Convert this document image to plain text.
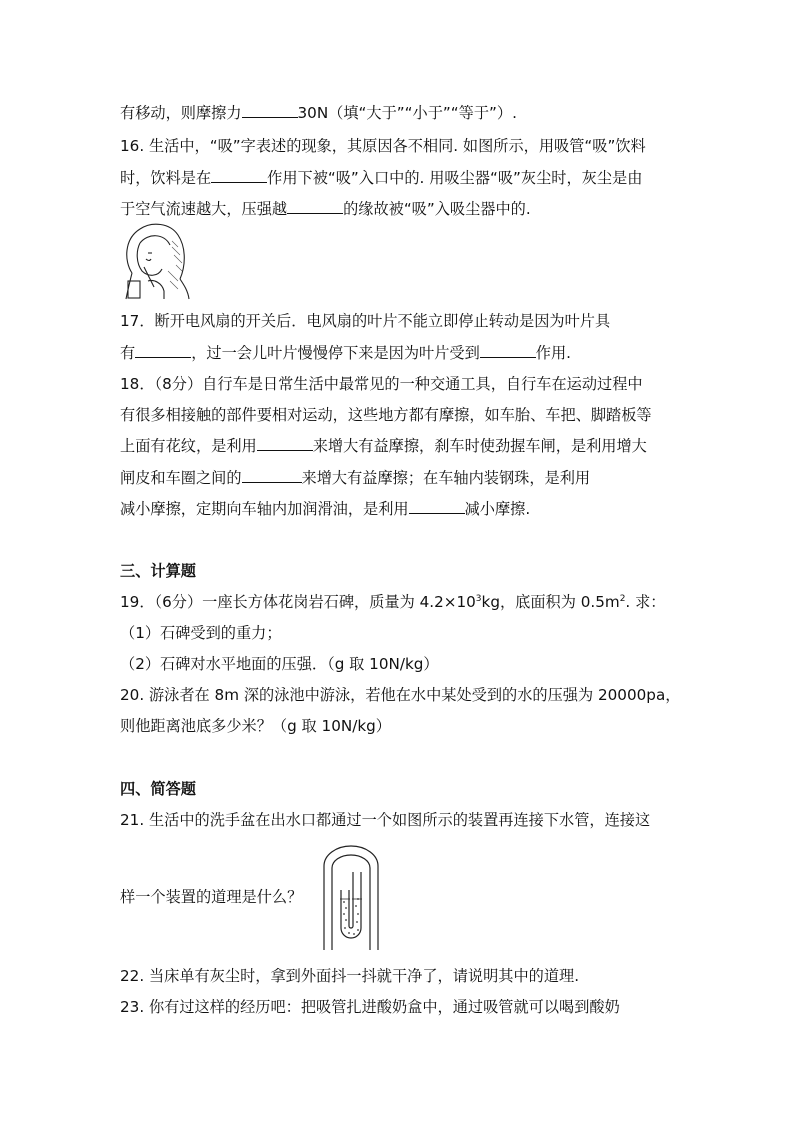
有移动，则摩擦力	30N（填“大于”“小于”“等于”）.
16. 生活中，“吸”字表述的现象，其原因各不相同. 如图所示，用吸管“吸”饮料
时，饮料是在	作用下被“吸”入口中的. 用吸尘器“吸”灰尘时，灰尘是由
于空气流速越大，压强越	的缘故被“吸”入吸尘器中的.
17．断开电风扇的开关后．电风扇的叶片不能立即停止转动是因为叶片具
有	，过一会儿叶片慢慢停下来是因为叶片受到	作用.
18．（8分）自行车是日常生活中最常见的一种交通工具，自行车在运动过程中
有很多相接触的部件要相对运动，这些地方都有摩擦，如车胎、车把、脚踏板等
上面有花纹，是利用	来增大有益摩擦，刹车时使劲握车闸，是利用增大
闸皮和车圈之间的	来增大有益摩擦；在车轴内装钢珠，是利用
减小摩擦，定期向车轴内加润滑油，是利用	减小摩擦.
三、计算题
19．（6分）一座长方体花岗岩石碑，质量为 $4.2\times 10^3kg$，底面积为 $0.5m^2$. 求：
（1）石碑受到的重力；
（2）石碑对水平地面的压强．（g 取 10N/kg）
20. 游泳者在 8m 深的泳池中游泳，若他在水中某处受到的水的压强为 20000pa，
则他距离池底多少米？（g 取 10N/kg）
四、简答题
21. 生活中的洗手盆在出水口都通过一个如图所示的装置再连接下水管，连接这
样一个装置的道理是什么？
22. 当床单有灰尘时，拿到外面抖一抖就干净了，请说明其中的道理.
23. 你有过这样的经历吧：把吸管扎进酸奶盒中，通过吸管就可以喝到酸奶
